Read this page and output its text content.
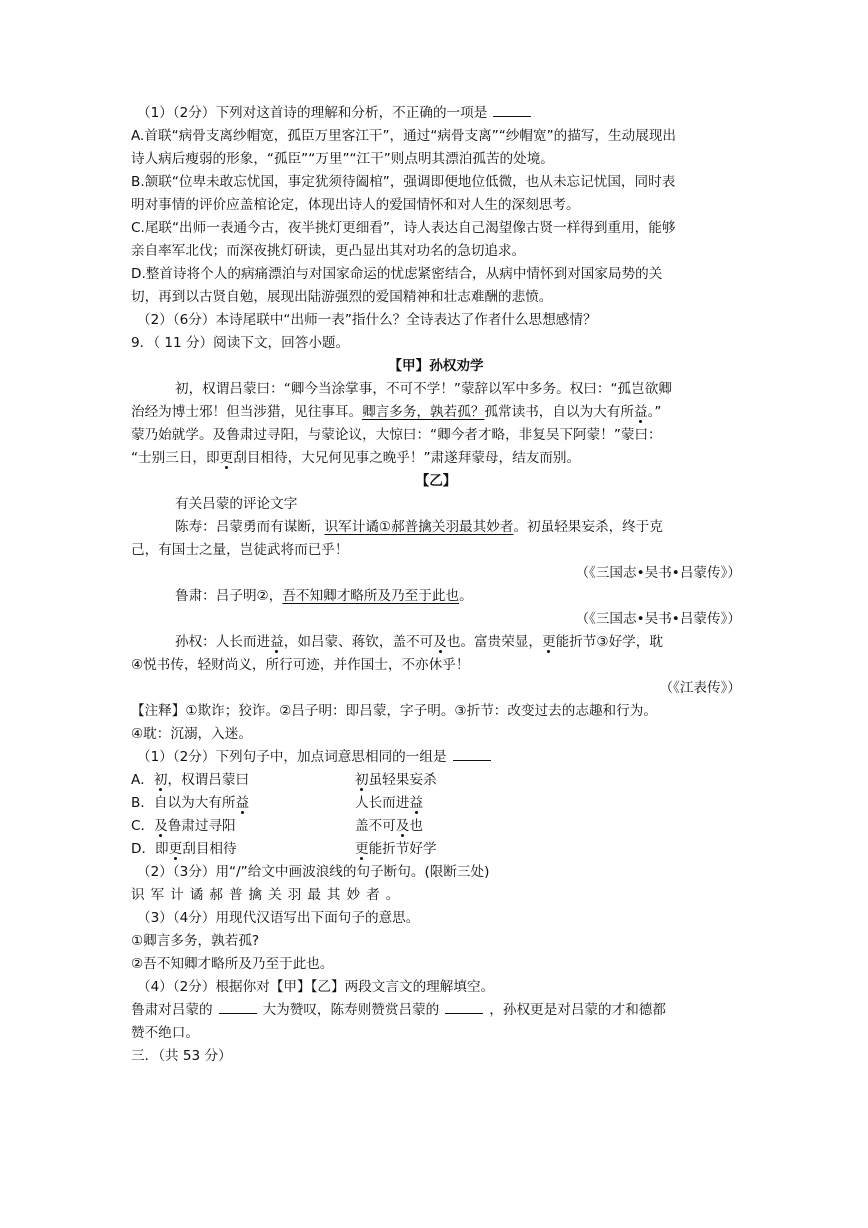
（1）（2分）下列对这首诗的理解和分析，不正确的一项是
A.首联“病骨支离纱帽宽，孤臣万里客江干”，通过“病骨支离”“纱帽宽”的描写，生动展现出
诗人病后瘦弱的形象，“孤臣”“万里”“江干”则点明其漂泊孤苦的处境。
B.颔联“位卑未敢忘忧国，事定犹须待阖棺”，强调即便地位低微，也从未忘记忧国，同时表
明对事情的评价应盖棺论定，体现出诗人的爱国情怀和对人生的深刻思考。
C.尾联“出师一表通今古，夜半挑灯更细看”，诗人表达自己渴望像古贤一样得到重用，能够
亲自率军北伐；而深夜挑灯研读，更凸显出其对功名的急切追求。
D.整首诗将个人的病痛漂泊与对国家命运的忧虑紧密结合，从病中情怀到对国家局势的关
切，再到以古贤自勉，展现出陆游强烈的爱国精神和壮志难酬的悲愤。
（2）（6分）本诗尾联中“出师一表”指什么？全诗表达了作者什么思想感情？
9．（ 11 分）阅读下文，回答小题。
【甲】孙权劝学
初，权谓吕蒙曰：“卿今当涂掌事，不可不学！”蒙辞以军中多务。权曰：“孤岂欲卿
治经为博士邪！但当涉猎，见往事耳。卿言多务，孰若孤？孤常读书，自以为大有所益。”
蒙乃始就学。及鲁肃过寻阳，与蒙论议，大惊曰：“卿今者才略，非复吴下阿蒙！”蒙曰：
“士别三日，即更刮目相待，大兄何见事之晚乎！”肃遂拜蒙母，结友而别。
【乙】
有关吕蒙的评论文字
陈寿：吕蒙勇而有谋断，识军计谲①郝普擒关羽最其妙者。初虽轻果妄杀，终于克
己，有国士之量，岂徒武将而已乎！
（《三国志•吴书•吕蒙传》）
鲁肃：吕子明②，吾不知卿才略所及乃至于此也。
（《三国志•吴书•吕蒙传》）
孙权：人长而进益，如吕蒙、蒋钦，盖不可及也。富贵荣显，更能折节③好学，耽
④悦书传，轻财尚义，所行可迹，并作国士，不亦休乎！
（《江表传》）
【注释】①欺诈；狡诈。②吕子明：即吕蒙，字子明。③折节：改变过去的志趣和行为。
④耽：沉溺，入迷。
（1）（2分）下列句子中，加点词意思相同的一组是
A．初，权谓吕蒙曰	初虽轻果妄杀
B．自以为大有所益	人长而进益
C．及鲁肃过寻阳	盖不可及也
D．即更刮目相待	更能折节好学
（2）（3分）用“/”给文中画波浪线的句子断句。(限断三处)
识军计谲郝普擒关羽最其妙者。
（3）（4分）用现代汉语写出下面句子的意思。
①卿言多务，孰若孤?
②吾不知卿才略所及乃至于此也。
（4）（2分）根据你对【甲】【乙】两段文言文的理解填空。
鲁肃对吕蒙的	大为赞叹，陈寿则赞赏吕蒙的	，孙权更是对吕蒙的才和德都
赞不绝口。
三．（共 53 分）
